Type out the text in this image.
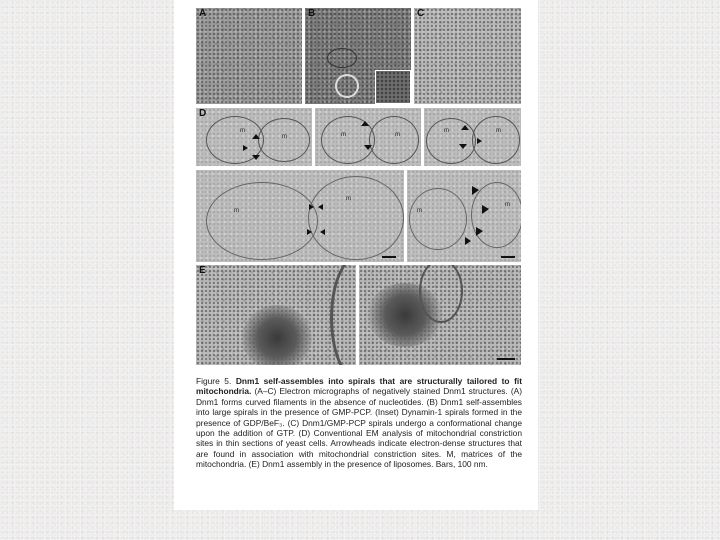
A	B	C
D
m
m	m	m
m	m
m
m
m
m
E

Figure 5. Dnm1 self-assembles into spirals that are structurally tailored to fit mitochondria. (A–C) Electron micrographs of negatively stained Dnm1 structures. (A) Dnm1 forms curved filaments in the absence of nucleotides. (B) Dnm1 self-assembles into large spirals in the presence of GMP-PCP. (Inset) Dynamin-1 spirals formed in the presence of GDP/BeF₃. (C) Dnm1/GMP-PCP spirals undergo a conformational change upon the addition of GTP. (D) Conventional EM analysis of mitochondrial constriction sites in thin sections of yeast cells. Arrowheads indicate electron-dense structures that are found in association with mitochondrial constriction sites. M, matrices of the mitochondria. (E) Dnm1 assembly in the presence of liposomes. Bars, 100 nm.
